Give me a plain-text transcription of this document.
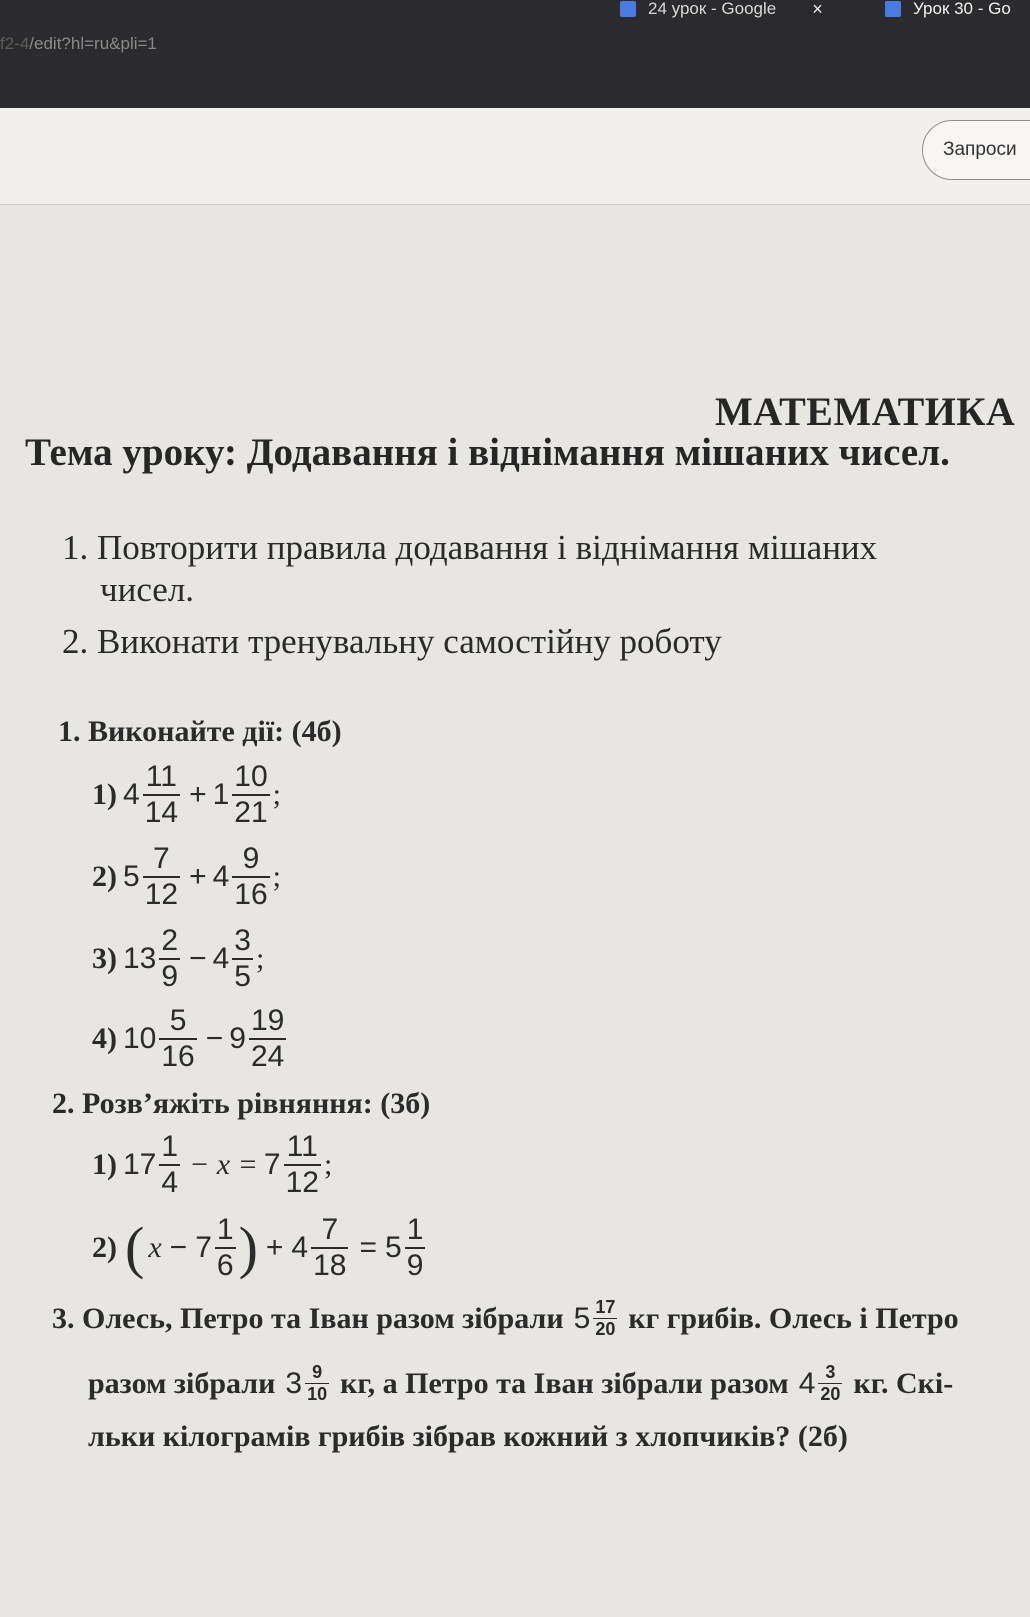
24 урок - Google ×	Урок 30 - Go
f2-4/edit?hl=ru&pli=1
Запроси
МАТЕМАТИКА
Тема уроку: Додавання і віднімання мішаних чисел.
1. Повторити правила додавання і віднімання мішаних
чисел.
2. Виконати тренувальну самостійну роботу
1. Виконайте дії: (4б)
1) $4 \frac{11}{14} + 1 \frac{10}{21}$ ;
2) $5 \frac{7}{12} + 4 \frac{9}{16}$ ;
3) $13 \frac{2}{9} - 4 \frac{3}{5}$ ;
4) $10 \frac{5}{16} - 9 \frac{19}{24}$
2. Розв’яжіть рівняння: (3б)
1) $17 \frac{1}{4} - x = 7 \frac{11}{12}$ ;
2) ( $x - 7 \frac{1}{6}$ ) + $4 \frac{7}{18} = 5 \frac{1}{9}$
3. Олесь, Петро та Іван разом зібрали $5 \frac{17}{20}$ кг грибів. Олесь і Петро
разом зібрали $3 \frac{9}{10}$ кг, а Петро та Іван зібрали разом $4 \frac{3}{20}$ кг. Скі-
льки кілограмів грибів зібрав кожний з хлопчиків? (2б)
